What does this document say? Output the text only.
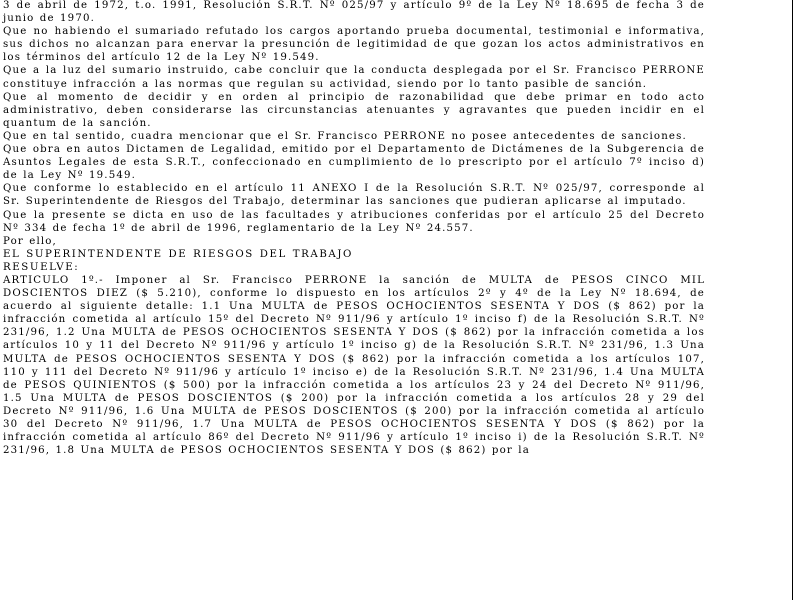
3 de abril de 1972, t.o. 1991, Resolución S.R.T. Nº 025/97 y artículo 9º de la Ley Nº 18.695 de fecha 3 de junio de 1970.

Que no habiendo el sumariado refutado los cargos aportando prueba documental, testimonial e informativa, sus dichos no alcanzan para enervar la presunción de legitimidad de que gozan los actos administrativos en los términos del artículo 12 de la Ley Nº 19.549.

Que a la luz del sumario instruido, cabe concluir que la conducta desplegada por el Sr. Francisco PERRONE constituye infracción a las normas que regulan su actividad, siendo por lo tanto pasible de sanción.

Que al momento de decidir y en orden al principio de razonabilidad que debe primar en todo acto administrativo, deben considerarse las circunstancias atenuantes y agravantes que pueden incidir en el quantum de la sanción.

Que en tal sentido, cuadra mencionar que el Sr. Francisco PERRONE no posee antecedentes de sanciones.

Que obra en autos Dictamen de Legalidad, emitido por el Departamento de Dictámenes de la Subgerencia de Asuntos Legales de esta S.R.T., confeccionado en cumplimiento de lo prescripto por el artículo 7º inciso d) de la Ley Nº 19.549.

Que conforme lo establecido en el artículo 11 ANEXO I de la Resolución S.R.T. Nº 025/97, corresponde al Sr. Superintendente de Riesgos del Trabajo, determinar las sanciones que pudieran aplicarse al imputado.

Que la presente se dicta en uso de las facultades y atribuciones conferidas por el artículo 25 del Decreto Nº 334 de fecha 1º de abril de 1996, reglamentario de la Ley Nº 24.557.

Por ello,

EL SUPERINTENDENTE DE RIESGOS DEL TRABAJO

RESUELVE:

ARTICULO 1º.- Imponer al Sr. Francisco PERRONE la sanción de MULTA de PESOS CINCO MIL DOSCIENTOS DIEZ ($ 5.210), conforme lo dispuesto en los artículos 2º y 4º de la Ley Nº 18.694, de acuerdo al siguiente detalle: 1.1 Una MULTA de PESOS OCHOCIENTOS SESENTA Y DOS ($ 862) por la infracción cometida al artículo 15º del Decreto Nº 911/96 y artículo 1º inciso f) de la Resolución S.R.T. Nº 231/96, 1.2 Una MULTA de PESOS OCHOCIENTOS SESENTA Y DOS ($ 862) por la infracción cometida a los artículos 10 y 11 del Decreto Nº 911/96 y artículo 1º inciso g) de la Resolución S.R.T. Nº 231/96, 1.3 Una MULTA de PESOS OCHOCIENTOS SESENTA Y DOS ($ 862) por la infracción cometida a los artículos 107, 110 y 111 del Decreto Nº 911/96 y artículo 1º inciso e) de la Resolución S.R.T. Nº 231/96, 1.4 Una MULTA de PESOS QUINIENTOS ($ 500) por la infracción cometida a los artículos 23 y 24 del Decreto Nº 911/96, 1.5 Una MULTA de PESOS DOSCIENTOS ($ 200) por la infracción cometida a los artículos 28 y 29 del Decreto Nº 911/96, 1.6 Una MULTA de PESOS DOSCIENTOS ($ 200) por la infracción cometida al artículo 30 del Decreto Nº 911/96, 1.7 Una MULTA de PESOS OCHOCIENTOS SESENTA Y DOS ($ 862) por la infracción cometida al artículo 86º del Decreto Nº 911/96 y artículo 1º inciso i) de la Resolución S.R.T. Nº 231/96, 1.8 Una MULTA de PESOS OCHOCIENTOS SESENTA Y DOS ($ 862) por la
